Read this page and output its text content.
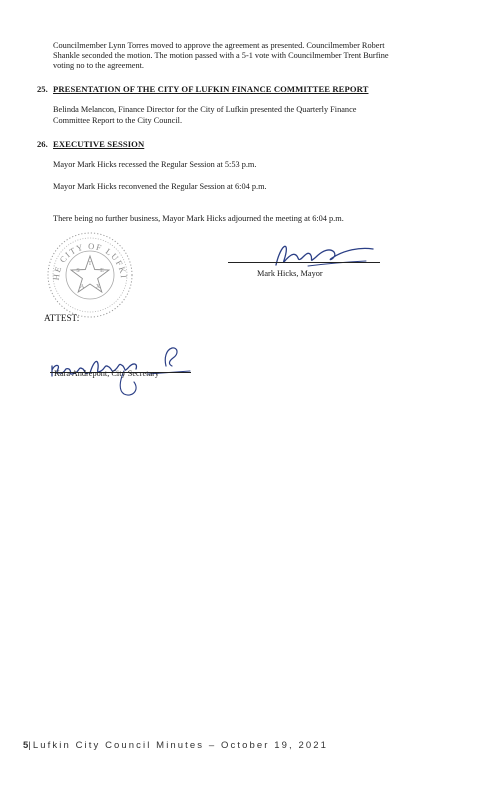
Councilmember Lynn Torres moved to approve the agreement as presented. Councilmember Robert

Shankle seconded the motion. The motion passed with a 5-1 vote with Councilmember Trent Burfine

voting no to the agreement.

25. PRESENTATION OF THE CITY OF LUFKIN FINANCE COMMITTEE REPORT

Belinda Melancon, Finance Director for the City of Lufkin presented the Quarterly Finance

Committee Report to the City Council.

26. EXECUTIVE SESSION

Mayor Mark Hicks recessed the Regular Session at 5:53 p.m.

Mayor Mark Hicks reconvened the Regular Session at 6:04 p.m.

There being no further business, Mayor Mark Hicks adjourned the meeting at 6:04 p.m.

THE CITY OF LUFKIN
T
E
X
A
S	Mark Hicks, Mayor
ATTEST:
Kara Andrepont, City Secretary
5|Lufkin City Council Minutes – October 19, 2021
